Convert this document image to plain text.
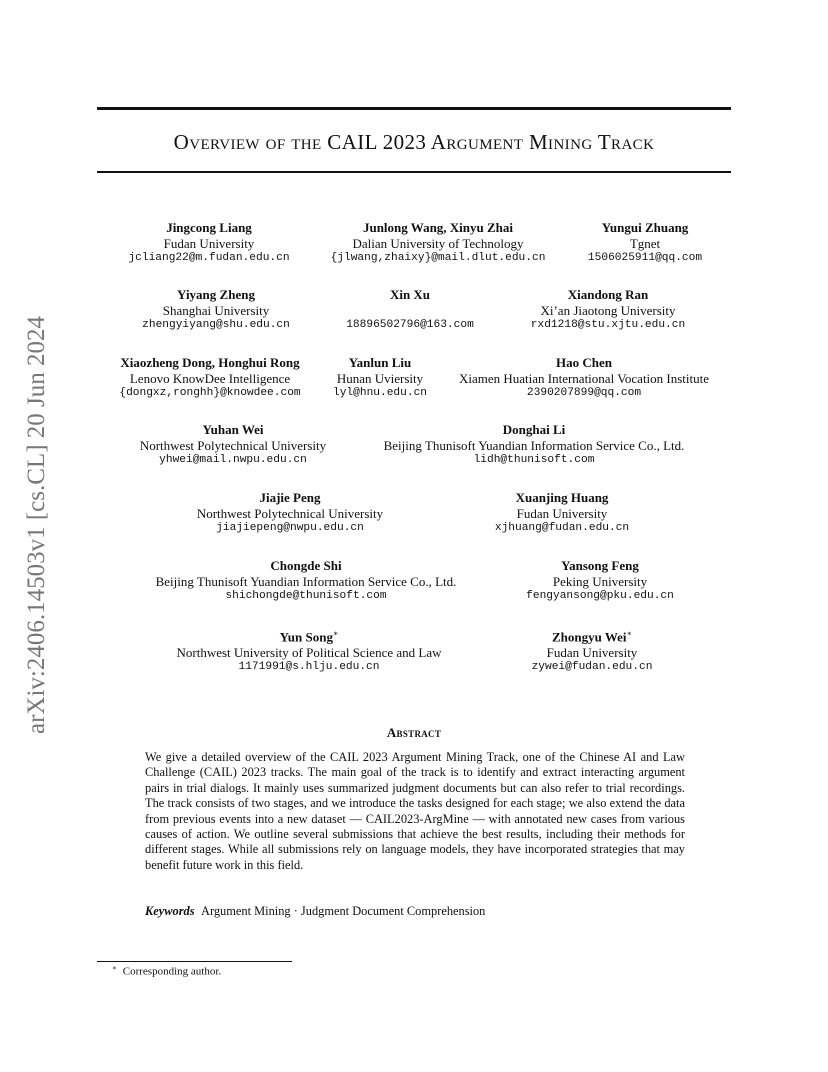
Overview of the CAIL 2023 Argument Mining Track
arXiv:2406.14503v1 [cs.CL] 20 Jun 2024
Jingcong Liang
Fudan University
jcliang22@m.fudan.edu.cn
Junlong Wang, Xinyu Zhai
Dalian University of Technology
{jlwang,zhaixy}@mail.dlut.edu.cn
Yungui Zhuang
Tgnet
1506025911@qq.com
Yiyang Zheng
Shanghai University
zhengyiyang@shu.edu.cn
Xin Xu
18896502796@163.com
Xiandong Ran
Xi’an Jiaotong University
rxd1218@stu.xjtu.edu.cn
Xiaozheng Dong, Honghui Rong
Lenovo KnowDee Intelligence
{dongxz,ronghh}@knowdee.com
Yanlun Liu
Hunan Uviersity
lyl@hnu.edu.cn
Hao Chen
Xiamen Huatian International Vocation Institute
2390207899@qq.com
Yuhan Wei
Northwest Polytechnical University
yhwei@mail.nwpu.edu.cn
Donghai Li
Beijing Thunisoft Yuandian Information Service Co., Ltd.
lidh@thunisoft.com
Jiajie Peng
Northwest Polytechnical University
jiajiepeng@nwpu.edu.cn
Xuanjing Huang
Fudan University
xjhuang@fudan.edu.cn
Chongde Shi
Beijing Thunisoft Yuandian Information Service Co., Ltd.
shichongde@thunisoft.com
Yansong Feng
Peking University
fengyansong@pku.edu.cn
Yun Song∗
Northwest University of Political Science and Law
1171991@s.hlju.edu.cn
Zhongyu Wei∗
Fudan University
zywei@fudan.edu.cn
Abstract
We give a detailed overview of the CAIL 2023 Argument Mining Track, one of the Chinese AI and Law Challenge (CAIL) 2023 tracks. The main goal of the track is to identify and extract interacting argument pairs in trial dialogs. It mainly uses summarized judgment documents but can also refer to trial recordings. The track consists of two stages, and we introduce the tasks designed for each stage; we also extend the data from previous events into a new dataset — CAIL2023-ArgMine — with annotated new cases from various causes of action. We outline several submissions that achieve the best results, including their methods for different stages. While all submissions rely on language models, they have incorporated strategies that may benefit future work in this field.
Keywords Argument Mining · Judgment Document Comprehension
∗ Corresponding author.
